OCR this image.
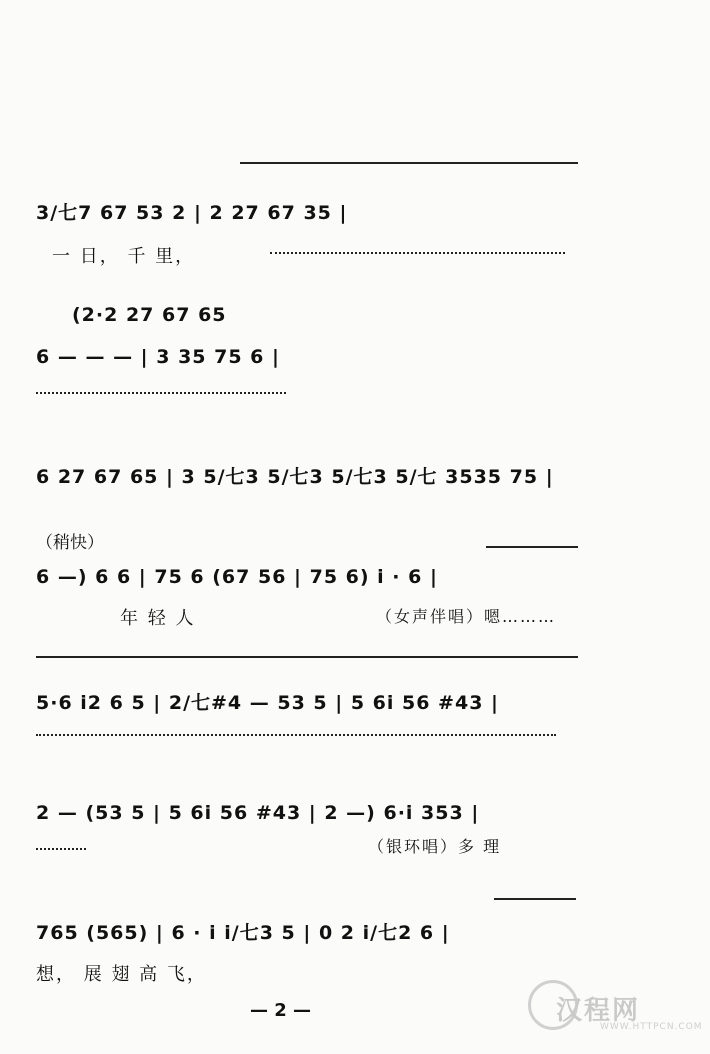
3/七7 67 53 2 | 2 27 67 35 |
一 日， 千 里，
(2·2 27 67 65
6 — — — | 3 35 75 6 |
6 27 67 65 | 3 5/七3 5/七3 5/七3 5/七 3535 75 |
（稍快）
6 —) 6 6 | 75 6 (67 56 | 75 6) i · 6 |
年 轻 人	（女声伴唱）嗯………
5·6 i2 6 5 | 2/七#4 — 53 5 | 5 6i 56 #43 |
2 — (53 5 | 5 6i 56 #43 | 2 —) 6·i 353 |
（银环唱）多 理
765 (565) | 6 · i i/七3 5 | 0 2 i/七2 6 |
想， 展 翅 高 飞，
— 2 —	汉程网
WWW.HTTPCN.COM
